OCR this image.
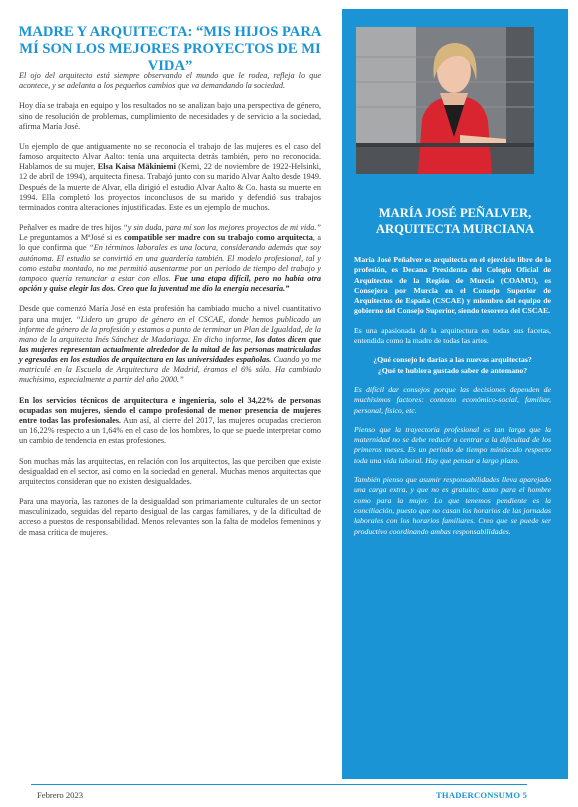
MADRE Y ARQUITECTA: “MIS HIJOS PARA MÍ SON LOS MEJORES PROYECTOS DE MI VIDA”

El ojo del arquitecto está siempre observando el mundo que le rodea, refleja lo que acontece, y se adelanta a los pequeños cambios que va demandando la sociedad.

Hoy día se trabaja en equipo y los resultados no se analizan bajo una perspectiva de género, sino de resolución de problemas, cumplimiento de necesidades y de servicio a la sociedad, afirma María José.

Un ejemplo de que antiguamente no se reconocía el trabajo de las mujeres es el caso del famoso arquitecto Alvar Aalto: tenía una arquitecta detrás también, pero no reconocida. Hablamos de su mujer, Elsa Kaisa Mäkiniemi (Kemi, 22 de noviembre de 1922-Helsinki, 12 de abril de 1994), arquitecta finesa. Trabajó junto con su marido Alvar Aalto desde 1949. Después de la muerte de Alvar, ella dirigió el estudio Alvar Aalto & Co. hasta su muerte en 1994. Ella completó los proyectos inconclusos de su marido y defendió sus trabajos terminados contra alteraciones injustificadas. Este es un ejemplo de muchos.

Peñalver es madre de tres hijos “y sin duda, para mí son los mejores proyectos de mi vida.” Le preguntamos a MªJosé si es compatible ser madre con su trabajo como arquitecta, a lo que confirma que “En términos laborales es una locura, considerando además que soy autónoma. El estudio se convirtió en una guardería también. El modelo profesional, tal y como estaba montado, no me permitió ausentarme por un periodo de tiempo del trabajo y tampoco quería renunciar a estar con ellos. Fue una etapa difícil, pero no había otra opción y quise elegir las dos. Creo que la juventud me dio la energía necesaria.”

Desde que comenzó María José en esta profesión ha cambiado mucho a nivel cuantitativo para una mujer. “Lidero un grupo de género en el CSCAE, donde hemos publicado un informe de género de la profesión y estamos a punto de terminar un Plan de Igualdad, de la mano de la arquitecta Inés Sánchez de Madariaga. En dicho informe, los datos dicen que las mujeres representan actualmente alrededor de la mitad de las personas matriculadas y egresadas en los estudios de arquitectura en las universidades españolas. Cuando yo me matriculé en la Escuela de Arquitectura de Madrid, éramos el 6% sólo. Ha cambiado muchísimo, especialmente a partir del año 2000.”

En los servicios técnicos de arquitectura e ingeniería, solo el 34,22% de personas ocupadas son mujeres, siendo el campo profesional de menor presencia de mujeres entre todas las profesionales. Aun así, al cierre del 2017, las mujeres ocupadas crecieron un 16,22% respecto a un 1,64% en el caso de los hombres, lo que se puede interpretar como un cambio de tendencia en estas profesiones.

Son muchas más las arquitectas, en relación con los arquitectos, las que perciben que existe desigualdad en el sector, así como en la sociedad en general. Muchas menos arquitectas que arquitectos consideran que no existen desigualdades.

Para una mayoría, las razones de la desigualdad son primariamente culturales de un sector masculinizado, seguidas del reparto desigual de las cargas familiares, y de la dificultad de acceso a puestos de responsabilidad. Menos relevantes son la falta de modelos femeninos y de masa crítica de mujeres.

MARÍA JOSÉ PEÑALVER, ARQUITECTA MURCIANA

María José Peñalver es arquitecta en el ejercicio libre de la profesión, es Decana Presidenta del Colegio Oficial de Arquitectos de la Región de Murcia (COAMU), es Consejera por Murcia en el Consejo Superior de Arquitectos de España (CSCAE) y miembro del equipo de gobierno del Consejo Superior, siendo tesorera del CSCAE.

Es una apasionada de la arquitectura en todas sus facetas, entendida como la madre de todas las artes.

¿Qué consejo le darías a las nuevas arquitectas? ¿Qué te hubiera gustado saber de antemano?

Es difícil dar consejos porque las decisiones dependen de muchísimos factores: contexto económico-social, familiar, personal, físico, etc.

Pienso que la trayectoria profesional es tan larga que la maternidad no se debe reducir o centrar a la dificultad de los primeros meses. Es un periodo de tiempo minúsculo respecto toda una vida laboral. Hay que pensar a largo plazo.

También pienso que asumir responsabilidades lleva aparejado una carga extra, y que no es gratuito; tanto para el hombre como para la mujer. Lo que tenemos pendiente es la conciliación, puesto que no casan los horarios de las jornadas laborales con los horarios familiares. Creo que se puede ser productivo coordinando ambas responsabilidades.

Febrero 2023	THADERCONSUMO 5
